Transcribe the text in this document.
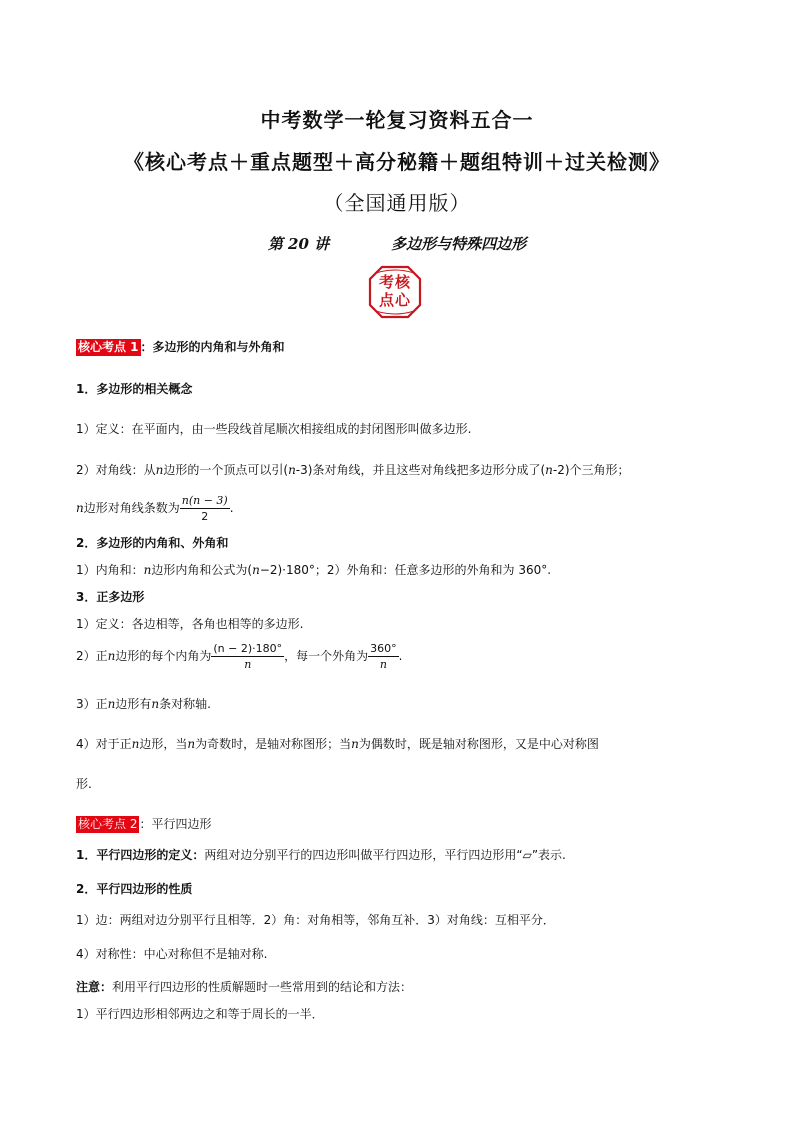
中考数学一轮复习资料五合一
《核心考点＋重点题型＋高分秘籍＋题组特训＋过关检测》
（全国通用版）
第 20 讲	多边形与特殊四边形
考核
点心
核心考点 1 ：多边形的内角和与外角和
1．多边形的相关概念
1）定义：在平面内，由一些段线首尾顺次相接组成的封闭图形叫做多边形.
2）对角线：从n边形的一个顶点可以引(n-3)条对角线，并且这些对角线把多边形分成了(n-2)个三角形；
n边形对角线条数为 $\frac{n(n - 3)}{2}$ .
2．多边形的内角和、外角和
1）内角和：n边形内角和公式为(n−2)·180°；2）外角和：任意多边形的外角和为 360°.
3．正多边形
1）定义：各边相等，各角也相等的多边形.
2）正n边形的每个内角为 $\frac{(n - 2)\cdot 180^\circ}{n}$ ，每一个外角为 $\frac{360^\circ}{n}$ .
3）正n边形有n条对称轴.
4）对于正n边形，当n为奇数时，是轴对称图形；当n为偶数时，既是轴对称图形，又是中心对称图
形.
核心考点 2 ：平行四边形
1．平行四边形的定义：两组对边分别平行的四边形叫做平行四边形，平行四边形用“▱”表示.
2．平行四边形的性质
1）边：两组对边分别平行且相等．2）角：对角相等，邻角互补．3）对角线：互相平分．
4）对称性：中心对称但不是轴对称.
注意：利用平行四边形的性质解题时一些常用到的结论和方法：
1）平行四边形相邻两边之和等于周长的一半．
